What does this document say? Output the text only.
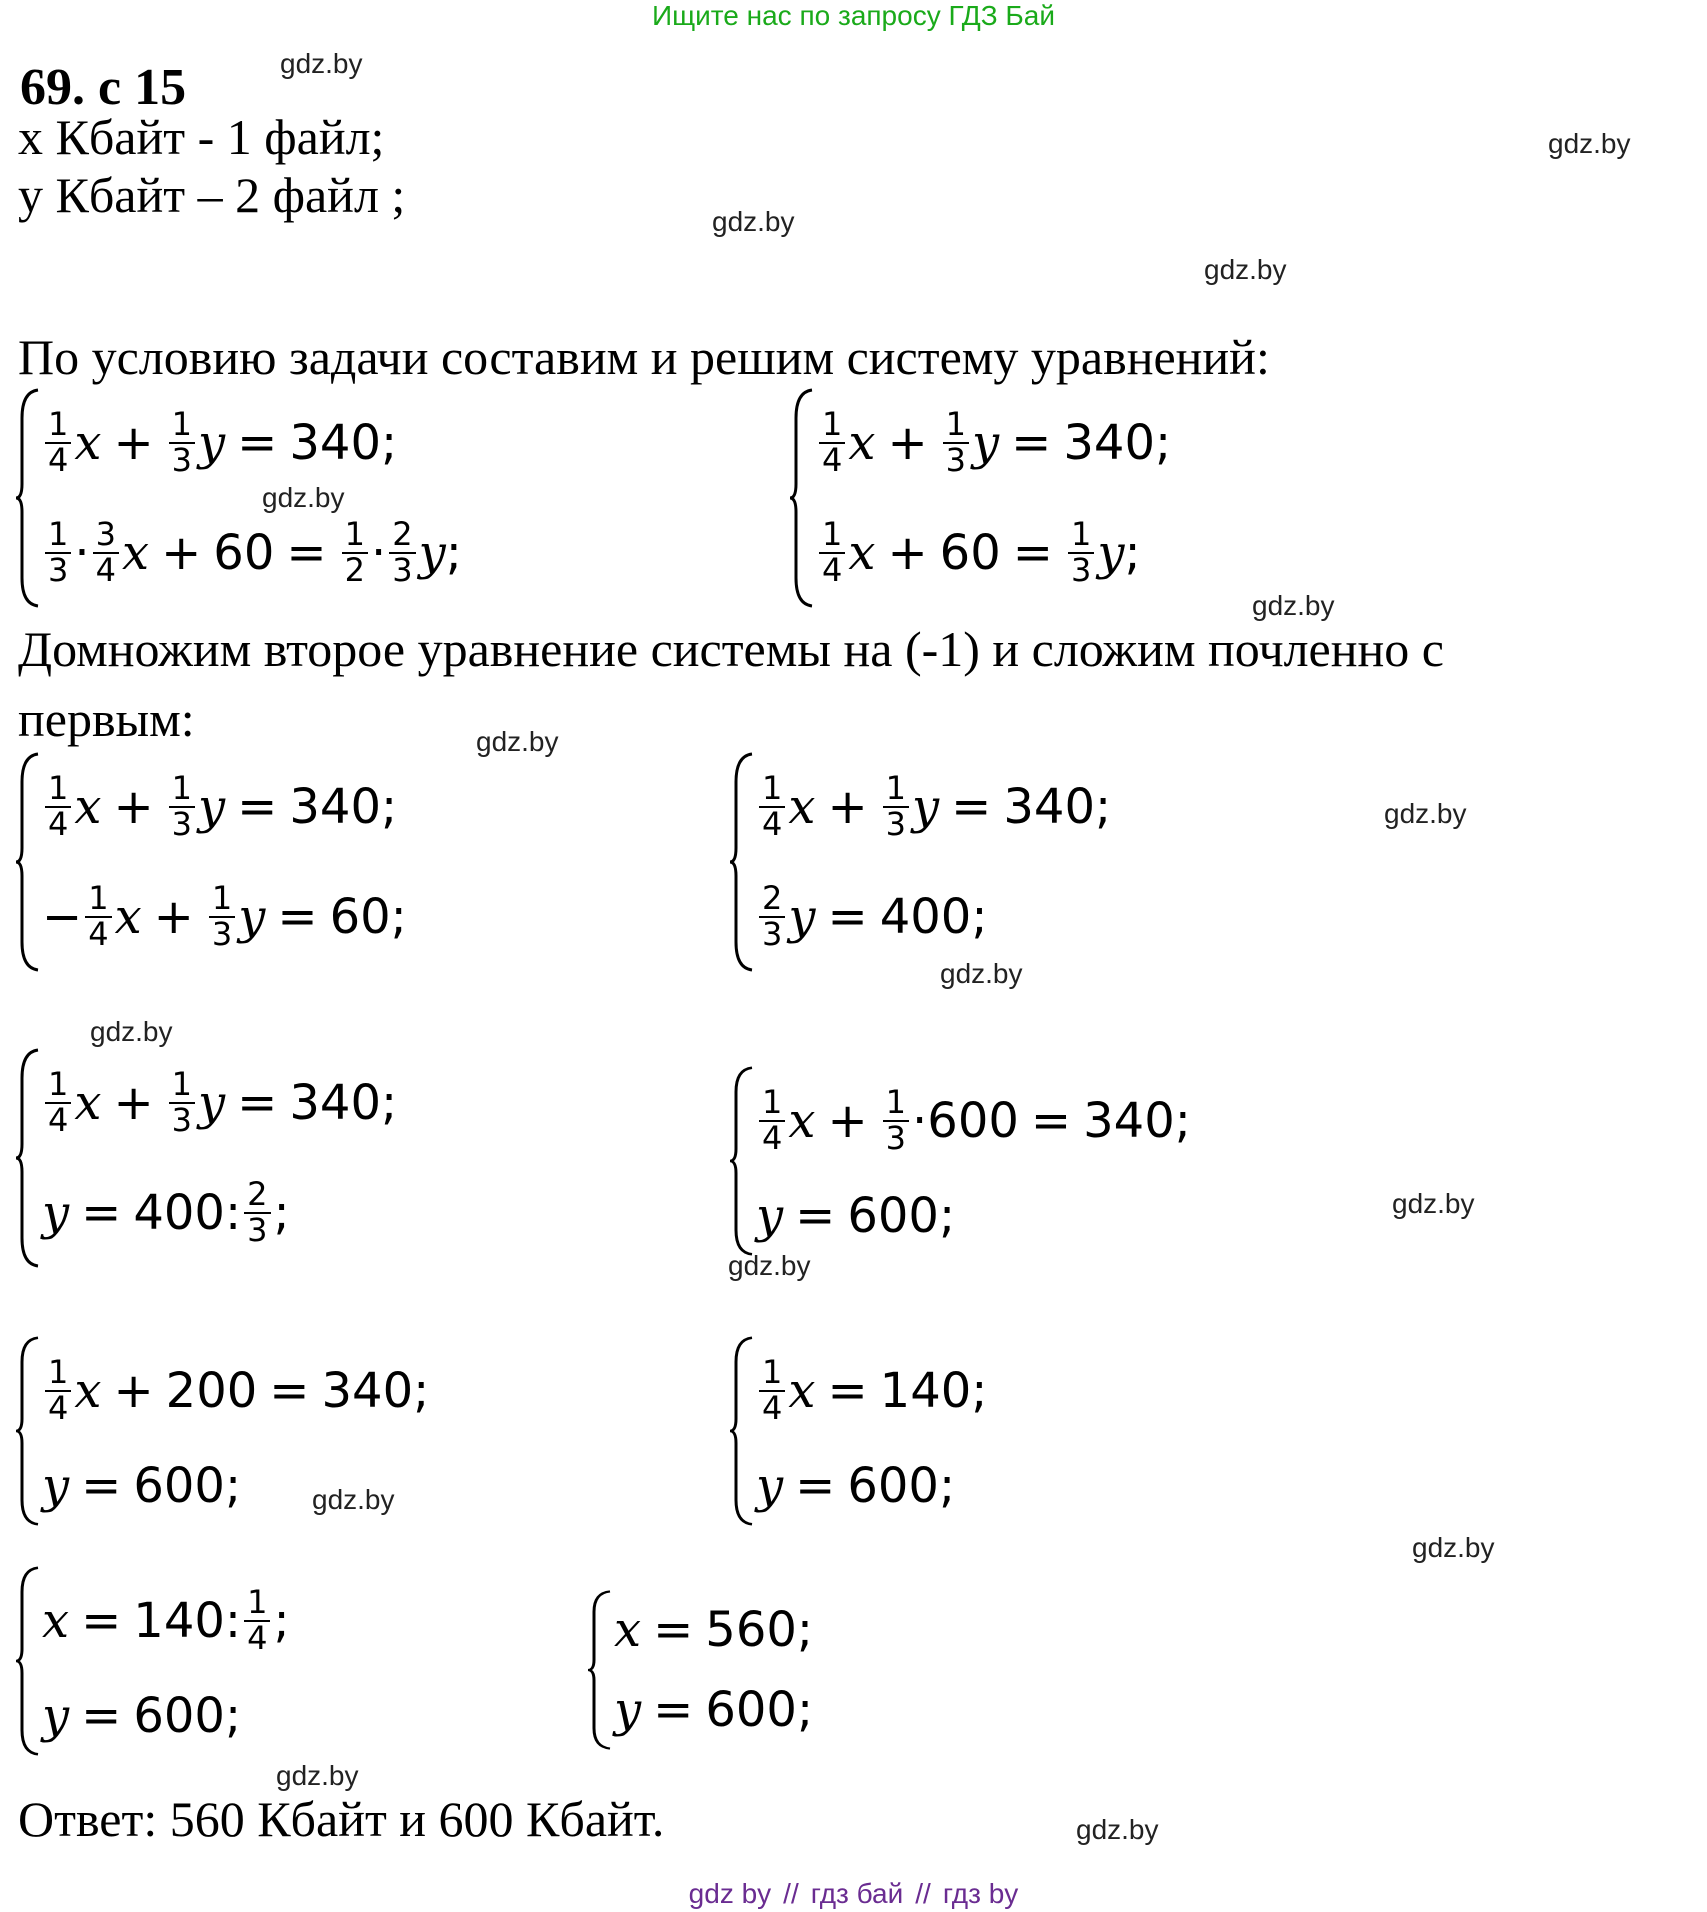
Ищите нас по запросу ГДЗ Бай
69. с 15
x Кбайт - 1 файл;
y Кбайт – 2 файл ;
По условию задачи составим и решим систему уравнений:
Домножим второе уравнение системы на (-1) и сложим почленно с
первым:
Ответ: 560 Кбайт и 600 Кбайт.
gdz.by
gdz.by
gdz.by
gdz.by
gdz.by
gdz.by
gdz.by
gdz.by
gdz.by
gdz.by
gdz.by
gdz.by
gdz.by
gdz.by
gdz.by
gdz.by
$\frac{1}{4}$ $x + \frac{1}{3}$ y = 340 ;
$\frac{1}{3} \cdot \frac{3}{4}$ $x + 60 = \frac{1}{2} \cdot \frac{2}{3}$ y ;
$\frac{1}{4}$ $x + \frac{1}{3}$ y = 340 ;
$\frac{1}{4}$ $x + 60 = \frac{1}{3}$ y ;
$\frac{1}{4}$ $x + \frac{1}{3}$ y = 340 ;
− $\frac{1}{4}$ $x + \frac{1}{3}$ y = 60 ;
$\frac{1}{4}$ $x + \frac{1}{3}$ y = 340 ;
$\frac{2}{3}$ y = 400 ;
$\frac{1}{4}$ $x + \frac{1}{3}$ y = 340 ;
y = 400 : $\frac{2}{3}$ ;
$\frac{1}{4}$ $x + \frac{1}{3} \cdot 600 = 340$ ;
y = 600 ;
$\frac{1}{4}$ x + 200 = 340 ;
y = 600 ;
$\frac{1}{4}$ x = 140 ;
y = 600 ;
x = 140 : $\frac{1}{4}$ ;
y = 600 ;
x = 560 ;
y = 600 ;
gdz by // гдз бай // гдз by
